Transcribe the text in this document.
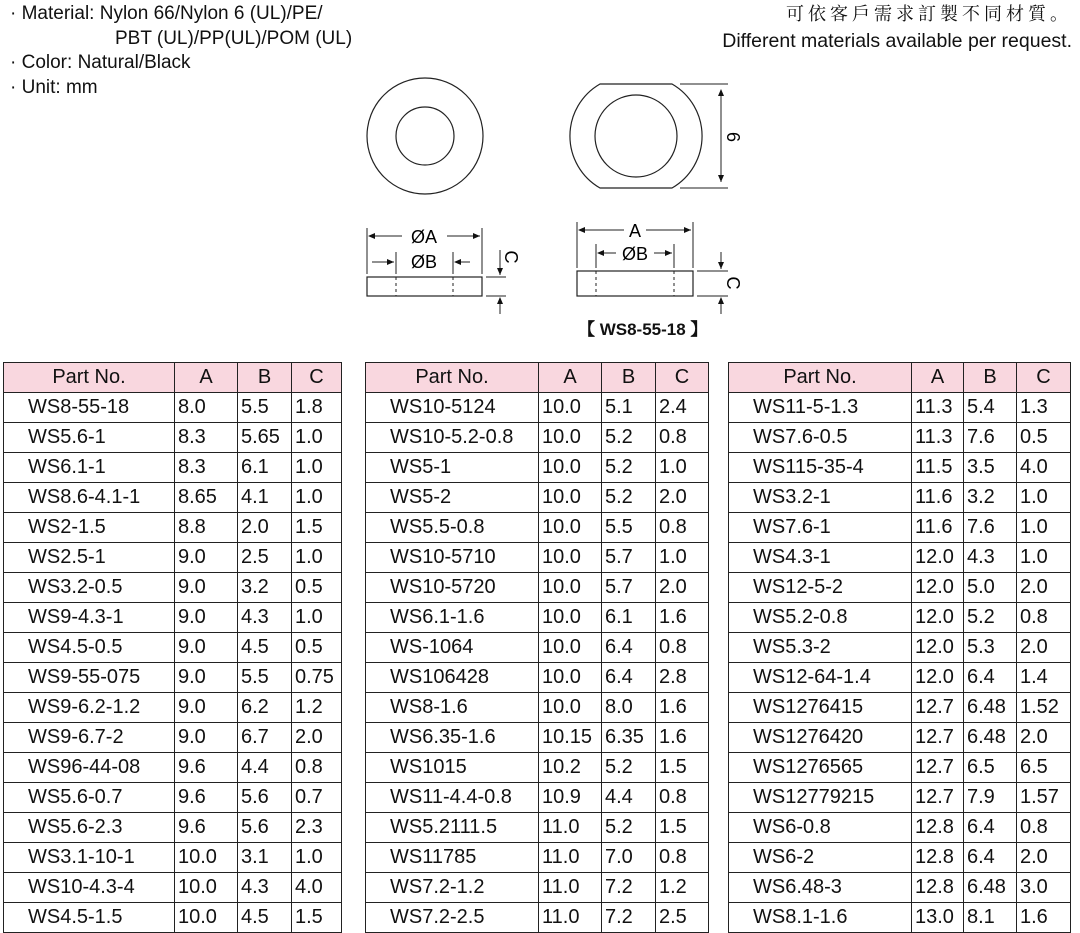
· Material: Nylon 66/Nylon 6 (UL)/PE/
PBT (UL)/PP(UL)/POM (UL)
· Color: Natural/Black
· Unit: mm
可依客戶需求訂製不同材質。
Different materials available per request.
6
ØA
ØB	C
A
ØB
C
【 WS8-55-18 】
Part No.	A	B	C
WS8-55-18	8.0	5.5	1.8
WS5.6-1	8.3	5.65	1.0
WS6.1-1	8.3	6.1	1.0
WS8.6-4.1-1	8.65	4.1	1.0
WS2-1.5	8.8	2.0	1.5
WS2.5-1	9.0	2.5	1.0
WS3.2-0.5	9.0	3.2	0.5
WS9-4.3-1	9.0	4.3	1.0
WS4.5-0.5	9.0	4.5	0.5
WS9-55-075	9.0	5.5	0.75
WS9-6.2-1.2	9.0	6.2	1.2
WS9-6.7-2	9.0	6.7	2.0
WS96-44-08	9.6	4.4	0.8
WS5.6-0.7	9.6	5.6	0.7
WS5.6-2.3	9.6	5.6	2.3
WS3.1-10-1	10.0	3.1	1.0
WS10-4.3-4	10.0	4.3	4.0
WS4.5-1.5	10.0	4.5	1.5
Part No.	A	B	C
WS10-5124	10.0	5.1	2.4
WS10-5.2-0.8	10.0	5.2	0.8
WS5-1	10.0	5.2	1.0
WS5-2	10.0	5.2	2.0
WS5.5-0.8	10.0	5.5	0.8
WS10-5710	10.0	5.7	1.0
WS10-5720	10.0	5.7	2.0
WS6.1-1.6	10.0	6.1	1.6
WS-1064	10.0	6.4	0.8
WS106428	10.0	6.4	2.8
WS8-1.6	10.0	8.0	1.6
WS6.35-1.6	10.15	6.35	1.6
WS1015	10.2	5.2	1.5
WS11-4.4-0.8	10.9	4.4	0.8
WS5.2111.5	11.0	5.2	1.5
WS11785	11.0	7.0	0.8
WS7.2-1.2	11.0	7.2	1.2
WS7.2-2.5	11.0	7.2	2.5
Part No.	A	B	C
WS11-5-1.3	11.3	5.4	1.3
WS7.6-0.5	11.3	7.6	0.5
WS115-35-4	11.5	3.5	4.0
WS3.2-1	11.6	3.2	1.0
WS7.6-1	11.6	7.6	1.0
WS4.3-1	12.0	4.3	1.0
WS12-5-2	12.0	5.0	2.0
WS5.2-0.8	12.0	5.2	0.8
WS5.3-2	12.0	5.3	2.0
WS12-64-1.4	12.0	6.4	1.4
WS1276415	12.7	6.48	1.52
WS1276420	12.7	6.48	2.0
WS1276565	12.7	6.5	6.5
WS12779215	12.7	7.9	1.57
WS6-0.8	12.8	6.4	0.8
WS6-2	12.8	6.4	2.0
WS6.48-3	12.8	6.48	3.0
WS8.1-1.6	13.0	8.1	1.6
